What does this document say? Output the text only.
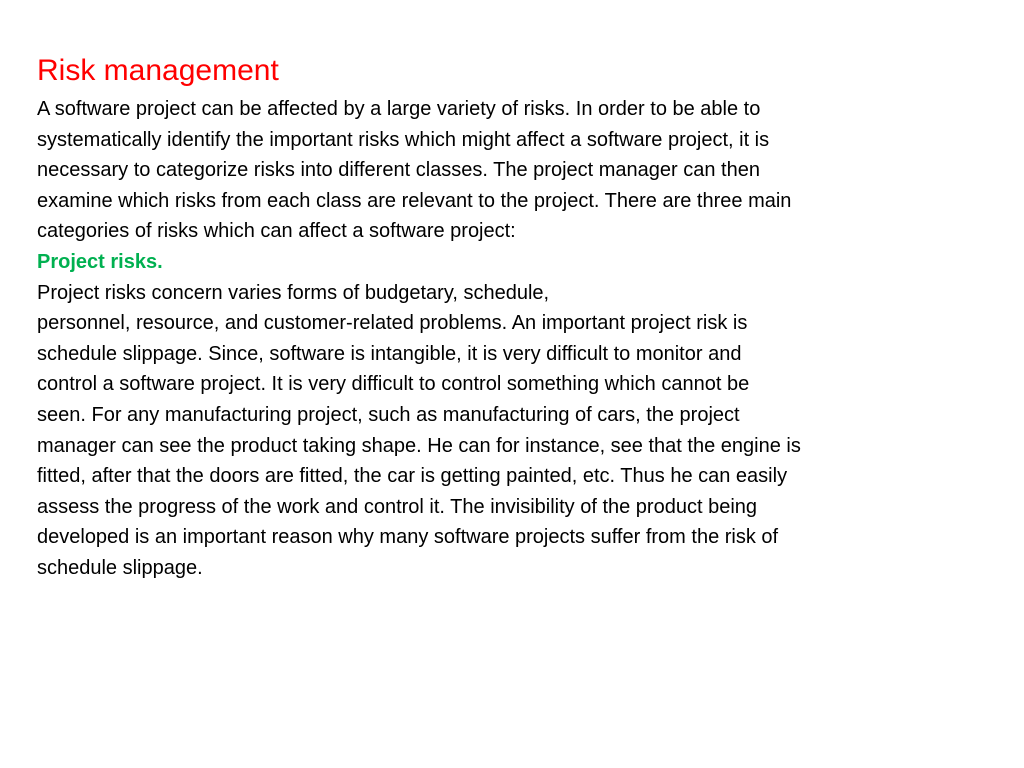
Risk management

A software project can be affected by a large variety of risks. In order to be able to
systematically identify the important risks which might affect a software project, it is
necessary to categorize risks into different classes. The project manager can then
examine which risks from each class are relevant to the project. There are three main
categories of risks which can affect a software project:

Project risks.

Project risks concern varies forms of budgetary, schedule,
personnel, resource, and customer-related problems. An important project risk is
schedule slippage. Since, software is intangible, it is very difficult to monitor and
control a software project. It is very difficult to control something which cannot be
seen. For any manufacturing project, such as manufacturing of cars, the project
manager can see the product taking shape. He can for instance, see that the engine is
fitted, after that the doors are fitted, the car is getting painted, etc. Thus he can easily
assess the progress of the work and control it. The invisibility of the product being
developed is an important reason why many software projects suffer from the risk of
schedule slippage.
